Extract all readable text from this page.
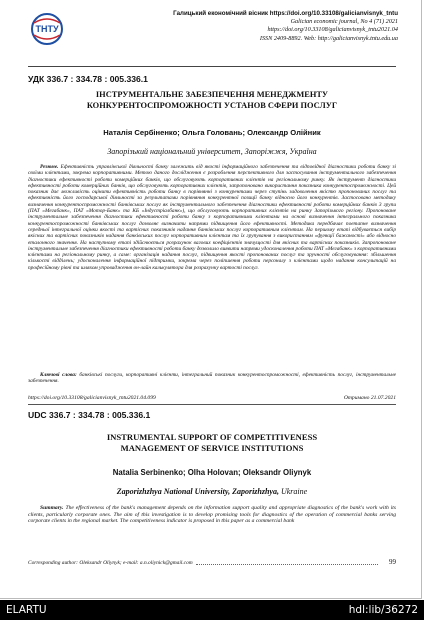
ТНТУ
Галицький економічний вісник https://doi.org/10.33108/galicianvisnyk_tntu
Galician economic journal, No 4 (71) 2021
https://doi.org/10.33108/galicianvisnyk_tntu2021.04
ISSN 2409-8892. Web: http://galicianvisnyk.tntu.edu.ua
УДК 336.7 : 334.78 : 005.336.1
ІНСТРУМЕНТАЛЬНЕ ЗАБЕЗПЕЧЕННЯ МЕНЕДЖМЕНТУ
КОНКУРЕНТОСПРОМОЖНОСТІ УСТАНОВ СФЕРИ ПОСЛУГ
Наталія Сербіненко; Ольга Головань; Олександр Олійник
Запорізький національний університет, Запоріжжя, Україна
Резюме. Ефективність управлінської діяльності банку залежить від якості інформаційного забезпечення та відповідної діагностики роботи банку зі своїми клієнтами, зокрема корпоративними. Метою даного дослідження є розроблення перспективного для застосування інструментального забезпечення діагностики ефективності роботи комерційних банків, що обслуговують корпоративних клієнтів на регіональному ринку. Як інструмент діагностики ефективності роботи комерційних банків, що обслуговують корпоративних клієнтів, запропоновано використання показника конкурентоспроможності. Цей показник дає можливість оцінити ефективність роботи банку в порівнянні з конкурентами через ступінь задоволення якістю пропонованих послуг та ефективність його господарської діяльності за результатами порівняння конкурентної позиції банку відносно його конкурентів. Застосовано методику визначення конкурентоспроможності банківських послуг як інструментального забезпечення діагностики ефективності роботи комерційних банків 3 групи (ПАТ «Мегабанк», ПАТ «Мотор-Банк» та КБ «Індустріалбанк»), що обслуговують корпоративних клієнтів на ринку Запорізького регіону. Пропоноване інструментальне забезпечення діагностики ефективності роботи банку з корпоративними клієнтами на основі визначення інтегрального показника конкурентоспроможності банківських послуг дозволяє визначити напрями підвищення його ефективності. Методика передбачає поетапне визначення середньої інтегральної оцінки якості та вартісних показників надання банківських послуг корпоративним клієнтам. На першому етапі відбувається вибір якісних та вартісних показників надання банківських послуг корпоративним клієнтам та їх групування з використанням «функції бажаності» або відносно еталонного значення. На наступному етапі здійснюється розрахунок вагових коефіцієнтів значущості для якісних та вартісних показників. Запропоноване інструментальне забезпечення діагностики ефективності роботи банку дозволило виявити напрями удосконалення роботи ПАТ «Мегабанк» з корпоративними клієнтами на регіональному ринку, а саме: організація надання послуг, підвищення якості пропонованих послуг та зручності обслуговування: збільшення кількості відділень; удосконалення інформаційної підтримки, зокрема через поліпшення роботи персоналу з клієнтами щодо надання консультацій на професійному рівні та шляхом упровадження он-лайн калькулятора для розрахунку вартості послуг.
Ключові слова: банківські послуги, корпоративні клієнти, інтегральний показник конкурентоспроможності, ефективність послуг, інструментальне забезпечення.
https://doi.org/10.33108/galicianvisnyk_tntu2021.04.099	Отримано 21.07.2021
UDC 336.7 : 334.78 : 005.336.1
INSTRUMENTAL SUPPORT OF COMPETITIVENESS
MANAGEMENT OF SERVICE INSTITUTIONS
Natalia Serbinenko; Olha Holovan; Oleksandr Oliynyk
Zaporizhzhya National University, Zaporizhzhya, Ukraine
Summary. The effectiveness of the bank's management depends on the information support quality and appropriate diagnostics of the bank's work with its clients, particularly corporate ones. The aim of this investigation is to develop promising tools for diagnostics of the operation of commercial banks serving corporate clients in the regional market. The competitiveness indicator is proposed in this paper as a commercial bank
Corresponding author: Oleksandr Oliynyk; e-mail: a.n.oliynick@gmail.com	99
ELARTU	hdl:lib/36272
